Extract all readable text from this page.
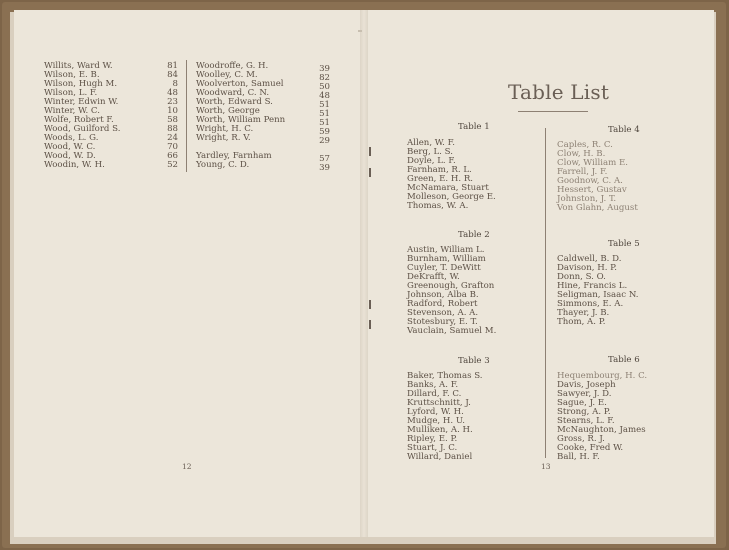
Willits, Ward W.	81
Wilson, E. B.	84
Wilson, Hugh M.	8
Wilson, L. F.	48
Winter, Edwin W.	23
Winter, W. C.	10
Wolfe, Robert F.	58
Wood, Guilford S.	88
Woods, L. G.	24
Wood, W. C.	70
Wood, W. D.	66
Woodin, W. H.	52
Woodroffe, G. H.	39
Woolley, C. M.	82
Woolverton, Samuel	50
Woodward, C. N.	48
Worth, Edward S.	51
Worth, George	51
Worth, William Penn	51
Wright, H. C.	59
Wright, R. V.	29
Yardley, Farnham	57
Young, C. D.	39
12
Table List
Table 1
Allen, W. F.
Berg, L. S.
Doyle, L. F.
Farnham, R. L.
Green, E. H. R.
McNamara, Stuart
Molleson, George E.
Thomas, W. A.
Table 4
Caples, R. C.
Clow, H. B.
Clow, William E.
Farrell, J. F.
Goodnow, C. A.
Hessert, Gustav
Johnston, J. T.
Von Glahn, August
Table 2
Austin, William L.
Burnham, William
Cuyler, T. DeWitt
DeKrafft, W.
Greenough, Grafton
Johnson, Alba B.
Radford, Robert
Stevenson, A. A.
Stotesbury, E. T.
Vauclain, Samuel M.
Table 5
Caldwell, B. D.
Davison, H. P.
Donn, S. O.
Hine, Francis L.
Seligman, Isaac N.
Simmons, E. A.
Thayer, J. B.
Thom, A. P.
Table 3
Baker, Thomas S.
Banks, A. F.
Dillard, F. C.
Kruttschnitt, J.
Lyford, W. H.
Mudge, H. U.
Mulliken, A. H.
Ripley, E. P.
Stuart, J. C.
Willard, Daniel
Table 6
Hequembourg, H. C.
Davis, Joseph
Sawyer, J. D.
Sague, J. E.
Strong, A. P.
Stearns, L. F.
McNaughton, James
Gross, R. J.
Cooke, Fred W.
Ball, H. F.
13
